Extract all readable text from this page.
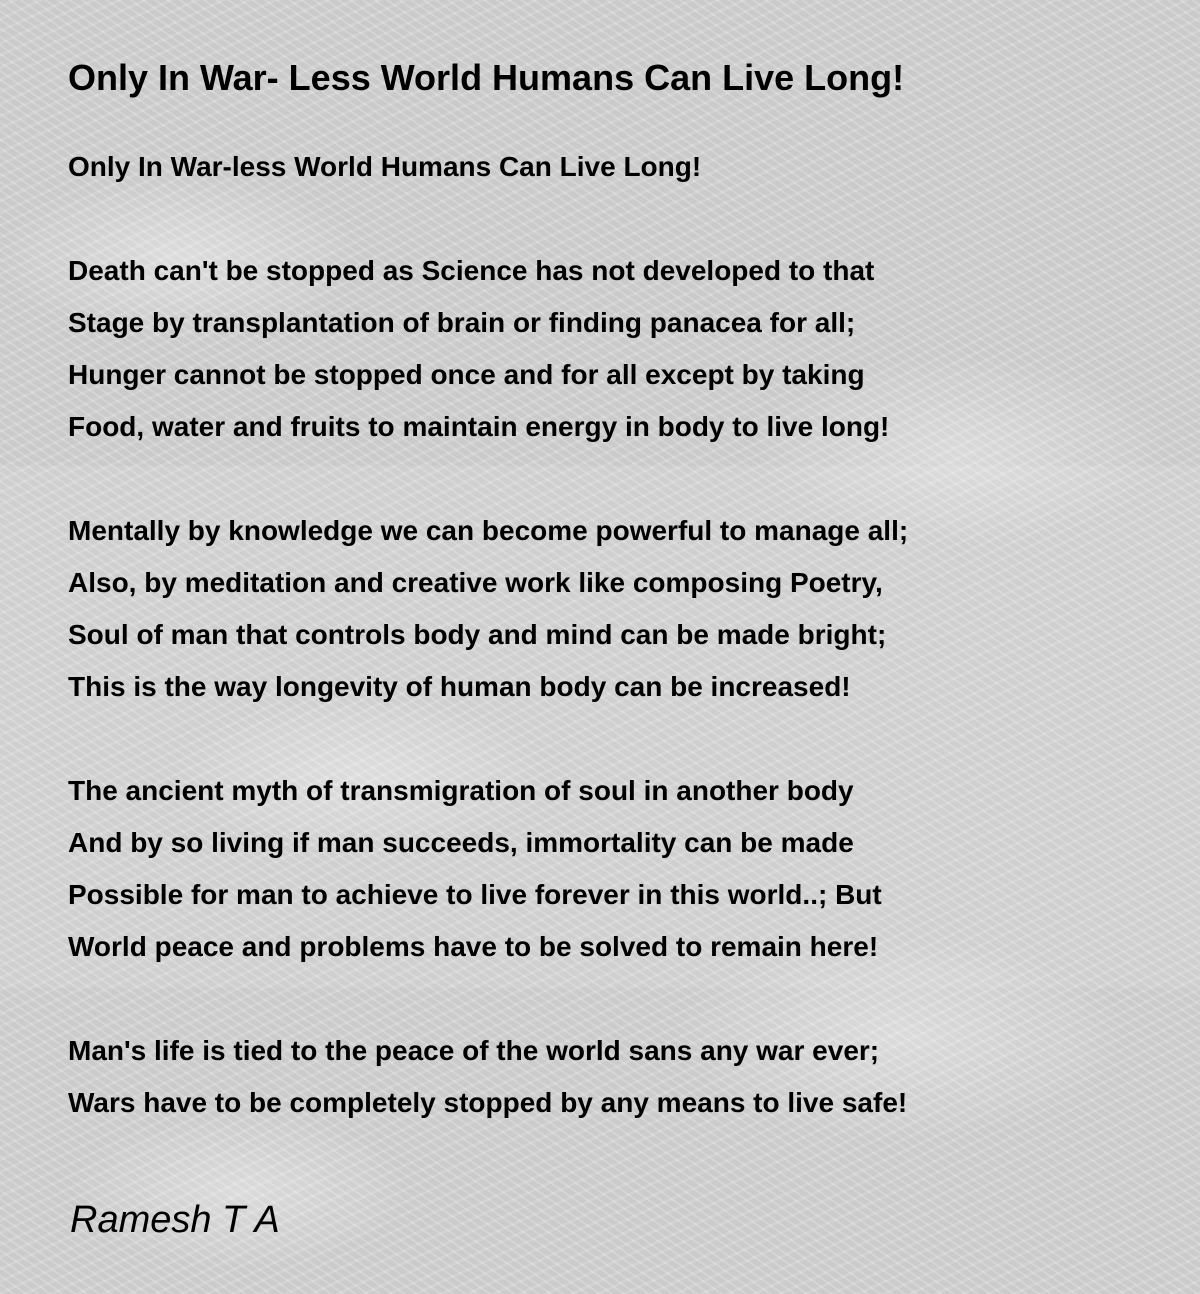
Only In War- Less World Humans Can Live Long!
Only In War-less World Humans Can Live Long!
Death can't be stopped as Science has not developed to that
Stage by transplantation of brain or finding panacea for all;
Hunger cannot be stopped once and for all except by taking
Food, water and fruits to maintain energy in body to live long!
Mentally by knowledge we can become powerful to manage all;
Also, by meditation and creative work like composing Poetry,
Soul of man that controls body and mind can be made bright;
This is the way longevity of human body can be increased!
The ancient myth of transmigration of soul in another body
And by so living if man succeeds, immortality can be made
Possible for man to achieve to live forever in this world..; But
World peace and problems have to be solved to remain here!
Man's life is tied to the peace of the world sans any war ever;
Wars have to be completely stopped by any means to live safe!
Ramesh T A
